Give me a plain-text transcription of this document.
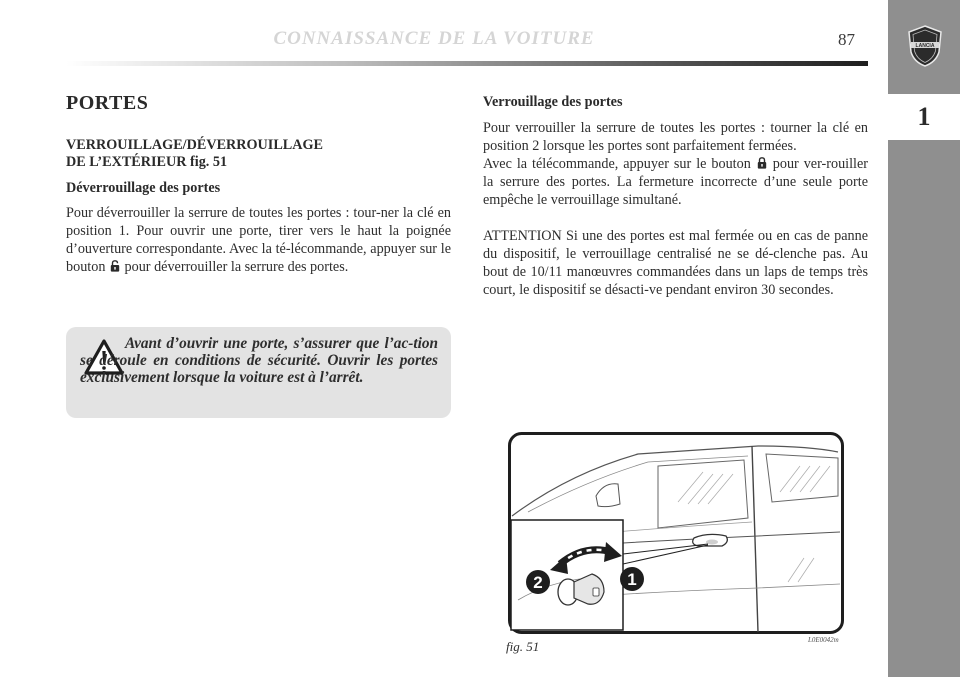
CONNAISSANCE DE LA VOITURE	87	LANCIA
1
PORTES
VERROUILLAGE/DÉVERROUILLAGE
DE L’EXTÉRIEUR fig. 51
Déverrouillage des portes

Pour déverrouiller la serrure de toutes les portes : tour-ner la clé en position 1. Pour ouvrir une porte, tirer vers le haut la poignée d’ouverture correspondante. Avec la té-lécommande, appuyer sur le bouton pour déverrouiller la serrure des portes.

Avant d’ouvrir une porte, s’assurer que l’ac-tion se déroule en conditions de sécurité. Ouvrir les portes exclusivement lorsque la voiture est à l’arrêt.
Verrouillage des portes

Pour verrouiller la serrure de toutes les portes : tourner la clé en position 2 lorsque les portes sont parfaitement fermées.

Avec la télécommande, appuyer sur le bouton pour ver-rouiller la serrure des portes. La fermeture incorrecte d’une seule porte empêche le verrouillage simultané.

ATTENTION Si une des portes est mal fermée ou en cas de panne du dispositif, le verrouillage centralisé ne se dé-clenche pas. Au bout de 10/11 manœuvres commandées dans un laps de temps très court, le dispositif se désacti-ve pendant environ 30 secondes.

2	1
fig. 51	L0E0042m
